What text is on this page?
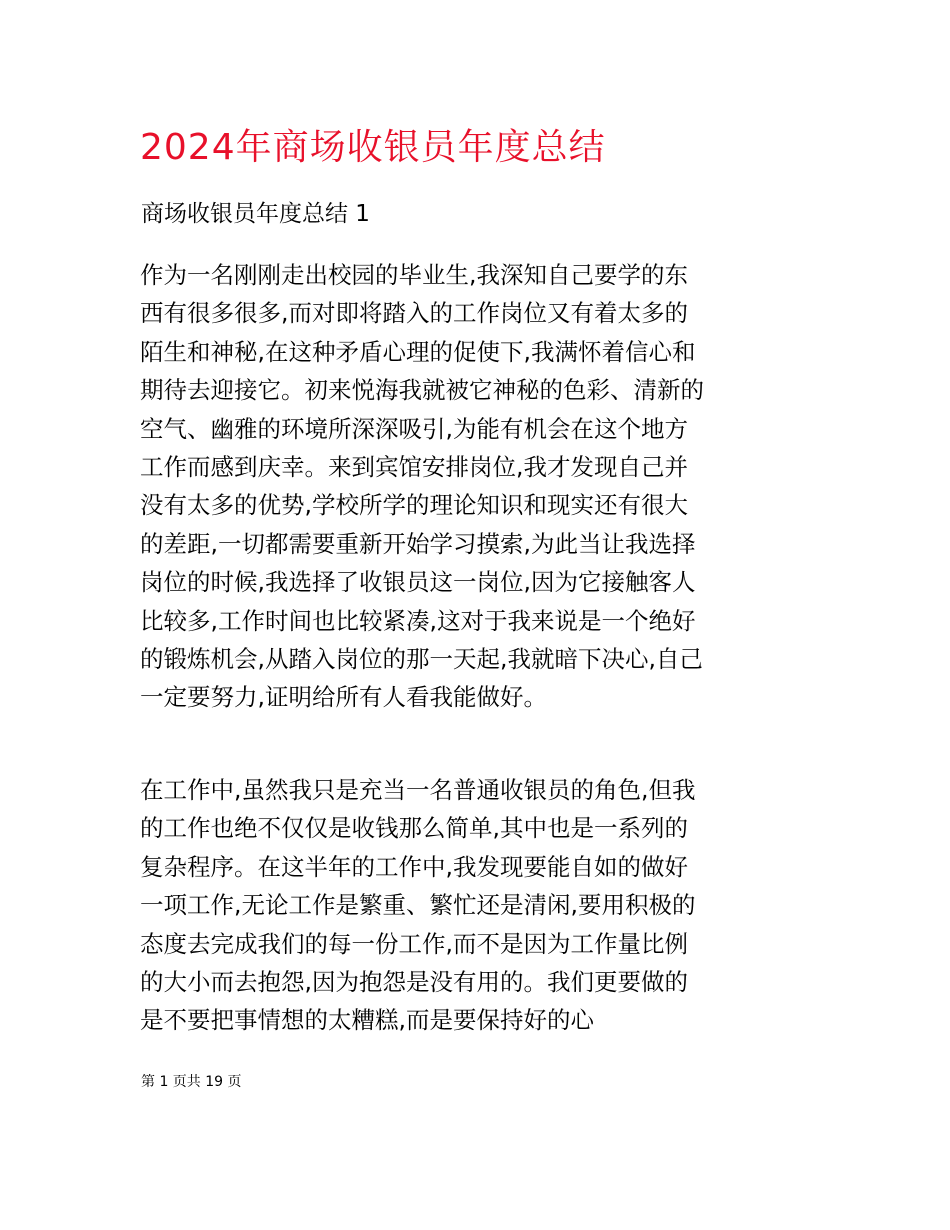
2024年商场收银员年度总结
商场收银员年度总结 1
作为一名刚刚走出校园的毕业生,我深知自己要学的东
西有很多很多,而对即将踏入的工作岗位又有着太多的
陌生和神秘,在这种矛盾心理的促使下,我满怀着信心和
期待去迎接它。初来悦海我就被它神秘的色彩、清新的
空气、幽雅的环境所深深吸引,为能有机会在这个地方
工作而感到庆幸。来到宾馆安排岗位,我才发现自己并
没有太多的优势,学校所学的理论知识和现实还有很大
的差距,一切都需要重新开始学习摸索,为此当让我选择
岗位的时候,我选择了收银员这一岗位,因为它接触客人
比较多,工作时间也比较紧凑,这对于我来说是一个绝好
的锻炼机会,从踏入岗位的那一天起,我就暗下决心,自己
一定要努力,证明给所有人看我能做好。
在工作中,虽然我只是充当一名普通收银员的角色,但我
的工作也绝不仅仅是收钱那么简单,其中也是一系列的
复杂程序。在这半年的工作中,我发现要能自如的做好
一项工作,无论工作是繁重、繁忙还是清闲,要用积极的
态度去完成我们的每一份工作,而不是因为工作量比例
的大小而去抱怨,因为抱怨是没有用的。我们更要做的
是不要把事情想的太糟糕,而是要保持好的心
第 1 页共 19 页
